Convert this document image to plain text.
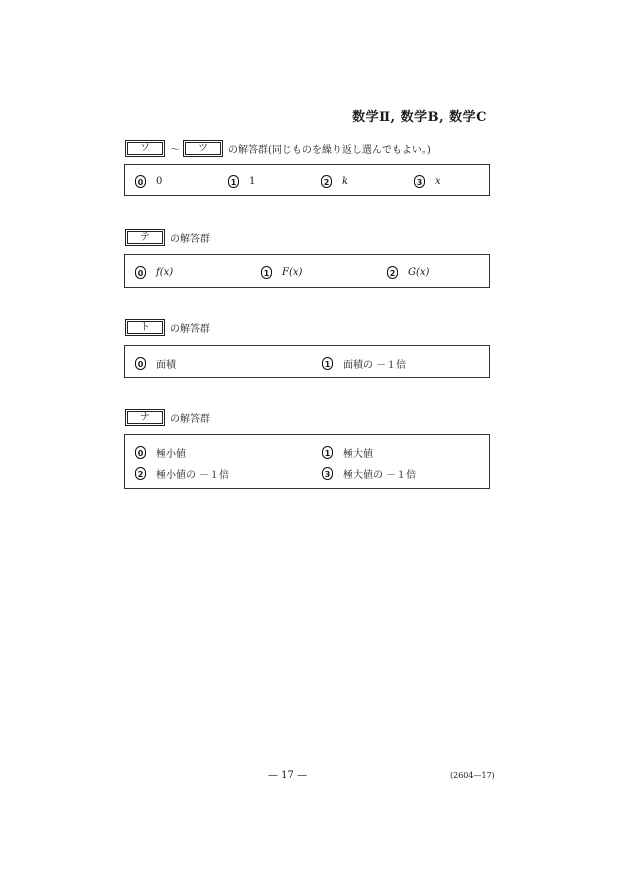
数学Ⅱ, 数学B, 数学C
ソ	～	ツ	の解答群(同じものを繰り返し選んでもよい。)
0 0	1 1	2 k	3 x
テ	の解答群
0 f(x)	1 F(x)	2 G(x)
ト	の解答群
0 面積	1 面積の －１倍
ナ	の解答群
0 極小値	1 極大値
2 極小値の －１倍	3 極大値の －１倍
— 17 —	(2604—17)
